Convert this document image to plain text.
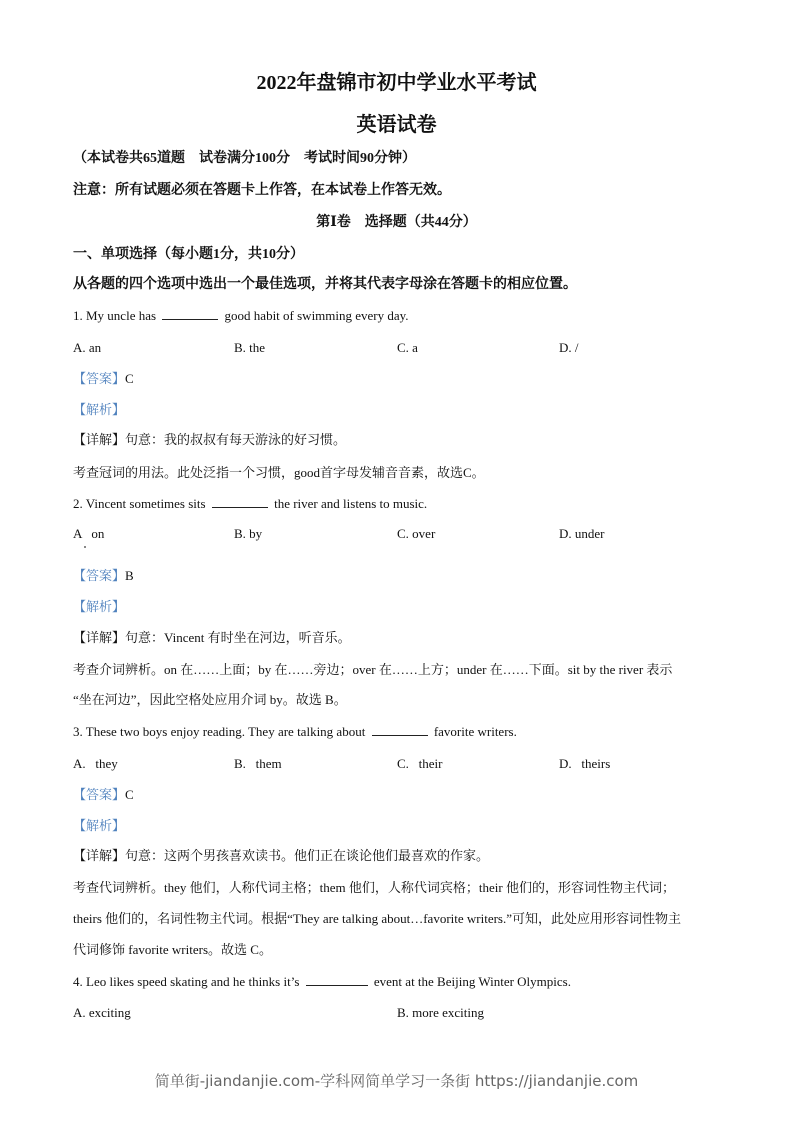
2022年盘锦市初中学业水平考试
英语试卷
（本试卷共65道题　试卷满分100分　考试时间90分钟）
注意：所有试题必须在答题卡上作答，在本试卷上作答无效。
第Ⅰ卷　选择题（共44分）
一、单项选择（每小题1分，共10分）
从各题的四个选项中选出一个最佳选项，并将其代表字母涂在答题卡的相应位置。
1. My uncle has	good habit of swimming every day.
A. an	B. the	C. a	D. /
【答案】C
【解析】
【详解】句意：我的叔叔有每天游泳的好习惯。
考查冠词的用法。此处泛指一个习惯，good首字母发辅音音素，故选C。
2. Vincent sometimes sits	the river and listens to music.
A   on	B. by	C. over	D. under
【答案】B
【解析】
【详解】句意：Vincent 有时坐在河边，听音乐。
考查介词辨析。on 在……上面；by 在……旁边；over 在……上方；under 在……下面。sit by the river 表示
“坐在河边”，因此空格处应用介词 by。故选 B。
3. These two boys enjoy reading. They are talking about	favorite writers.
A.   they	B.   them	C.   their	D.   theirs
【答案】C
【解析】
【详解】句意：这两个男孩喜欢读书。他们正在谈论他们最喜欢的作家。
考查代词辨析。they 他们，人称代词主格；them 他们，人称代词宾格；their 他们的，形容词性物主代词；
theirs 他们的，名词性物主代词。根据“They are talking about…favorite writers.”可知，此处应用形容词性物主
代词修饰 favorite writers。故选 C。
4. Leo likes speed skating and he thinks it’s	event at the Beijing Winter Olympics.
A. exciting	B. more exciting
简单街-jiandanjie.com-学科网简单学习一条街 https://jiandanjie.com
